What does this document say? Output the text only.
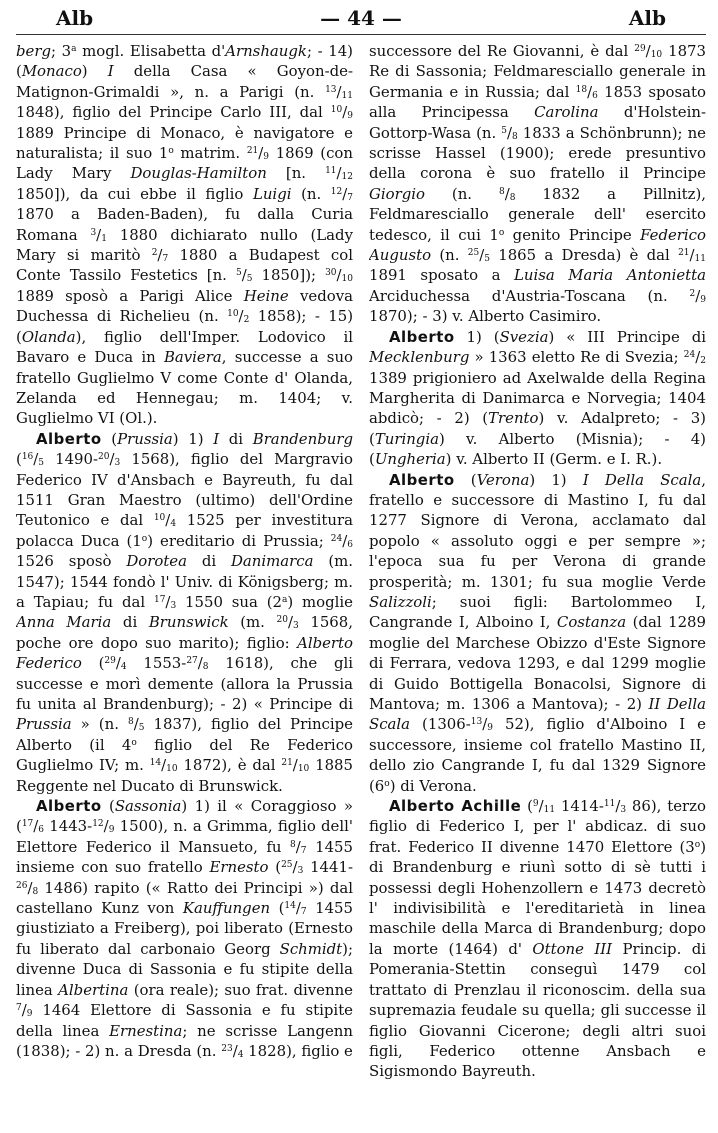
Alb	— 44 —	Alb

berg; 3$^a$ mogl. Elisabetta d'Arnshaugk; - 14) (Monaco) I della Casa « Goyon-de-Matignon-Grimaldi », n. a Parigi (n. $^{13}/_{11}$ 1848), figlio del Principe Carlo III, dal $^{10}/_9$ 1889 Principe di Monaco, è navigatore e naturalista; il suo 1$^o$ matrim. $^{21}/_9$ 1869 (con Lady Mary Douglas-Hamilton [n. $^{11}/_{12}$ 1850]), da cui ebbe il figlio Luigi (n. $^{12}/_7$ 1870 a Baden-Baden), fu dalla Curia Romana $^3/_1$ 1880 dichiarato nullo (Lady Mary si maritò $^2/_7$ 1880 a Budapest col Conte Tassilo Festetics [n. $^5/_5$ 1850]); $^{30}/_{10}$ 1889 sposò a Parigi Alice Heine vedova Duchessa di Richelieu (n. $^{10}/_2$ 1858); - 15) (Olanda), figlio dell'Imper. Lodovico il Bavaro e Duca in Baviera, successe a suo fratello Guglielmo V come Conte d' Olanda, Zelanda ed Hennegau; m. 1404; v. Guglielmo VI (Ol.).

Alberto (Prussia) 1) I di Brandenburg ($^{16}/_5$ $1490-^{20}/_3$ 1568), figlio del Margravio Federico IV d'Ansbach e Bayreuth, fu dal 1511 Gran Maestro (ultimo) dell'Ordine Teutonico e dal $^{10}/_4$ 1525 per investitura polacca Duca (1$^o$) ereditario di Prussia; $^{24}/_6$ 1526 sposò Dorotea di Danimarca (m. 1547); 1544 fondò l' Univ. di Königsberg; m. a Tapiau; fu dal $^{17}/_3$ 1550 sua (2$^a$) moglie Anna Maria di Brunswick (m. $^{20}/_3$ 1568, poche ore dopo suo marito); figlio: Alberto Federico ($^{29}/_4$ $1553-^{27}/_8$ 1618), che gli successe e morì demente (allora la Prussia fu unita al Brandenburg); - 2) « Principe di Prussia » (n. $^8/_5$ 1837), figlio del Principe Alberto (il 4$^o$ figlio del Re Federico Guglielmo IV; m. $^{14}/_{10}$ 1872), è dal $^{21}/_{10}$ 1885 Reggente nel Ducato di Brunswick.

Alberto (Sassonia) 1) il « Coraggioso » ($^{17}/_6$ $1443-^{12}/_9$ 1500), n. a Grimma, figlio dell' Elettore Federico il Mansueto, fu $^8/_7$ 1455 insieme con suo fratello Ernesto ($^{25}/_3$ $1441-^{26}/_8$ 1486) rapito (« Ratto dei Principi ») dal castellano Kunz von Kauffungen ($^{14}/_7$ 1455 giustiziato a Freiberg), poi liberato (Ernesto fu liberato dal carbonaio Georg Schmidt); divenne Duca di Sassonia e fu stipite della linea Albertina (ora reale); suo frat. divenne $^7/_9$ 1464 Elettore di Sassonia e fu stipite della linea Ernestina; ne scrisse Langenn (1838); - 2) n. a Dresda (n. $^{23}/_4$ 1828), figlio e

successore del Re Giovanni, è dal $^{29}/_{10}$ 1873 Re di Sassonia; Feldmaresciallo generale in Germania e in Russia; dal $^{18}/_6$ 1853 sposato alla Principessa Carolina d'Holstein-Gottorp-Wasa (n. $^5/_8$ 1833 a Schönbrunn); ne scrisse Hassel (1900); erede presuntivo della corona è suo fratello il Principe Giorgio (n. $^8/_8$ 1832 a Pillnitz), Feldmaresciallo generale dell' esercito tedesco, il cui 1$^o$ genito Principe Federico Augusto (n. $^{25}/_5$ 1865 a Dresda) è dal $^{21}/_{11}$ 1891 sposato a Luisa Maria Antonietta Arciduchessa d'Austria-Toscana (n. $^2/_9$ 1870); - 3) v. Alberto Casimiro.

Alberto 1) (Svezia) « III Principe di Mecklenburg » 1363 eletto Re di Svezia; $^{24}/_2$ 1389 prigioniero ad Axelwalde della Regina Margherita di Danimarca e Norvegia; 1404 abdicò; - 2) (Trento) v. Adalpreto; - 3) (Turingia) v. Alberto (Misnia); - 4) (Ungheria) v. Alberto II (Germ. e I. R.).

Alberto (Verona) 1) I Della Scala, fratello e successore di Mastino I, fu dal 1277 Signore di Verona, acclamato dal popolo « assoluto oggi e per sempre »; l'epoca sua fu per Verona di grande prosperità; m. 1301; fu sua moglie Verde Salizzoli; suoi figli: Bartolommeo I, Cangrande I, Alboino I, Costanza (dal 1289 moglie del Marchese Obizzo d'Este Signore di Ferrara, vedova 1293, e dal 1299 moglie di Guido Bottigella Bonacolsi, Signore di Mantova; m. 1306 a Mantova); - 2) II Della Scala ($1306-^{13}/_9$ 52), figlio d'Alboino I e successore, insieme col fratello Mastino II, dello zio Cangrande I, fu dal 1329 Signore (6$^o$) di Verona.

Alberto Achille ($^9/_{11}$ $1414-^{11}/_3$ 86), terzo figlio di Federico I, per l' abdicaz. di suo frat. Federico II divenne 1470 Elettore (3$^o$) di Brandenburg e riunì sotto di sè tutti i possessi degli Hohenzollern e 1473 decretò l' indivisibilità e l'ereditarietà in linea maschile della Marca di Brandenburg; dopo la morte (1464) d' Ottone III Princip. di Pomerania-Stettin conseguì 1479 col trattato di Prenzlau il riconoscim. della sua supremazia feudale su quella; gli successe il figlio Giovanni Cicerone; degli altri suoi figli, Federico ottenne Ansbach e Sigismondo Bayreuth.
